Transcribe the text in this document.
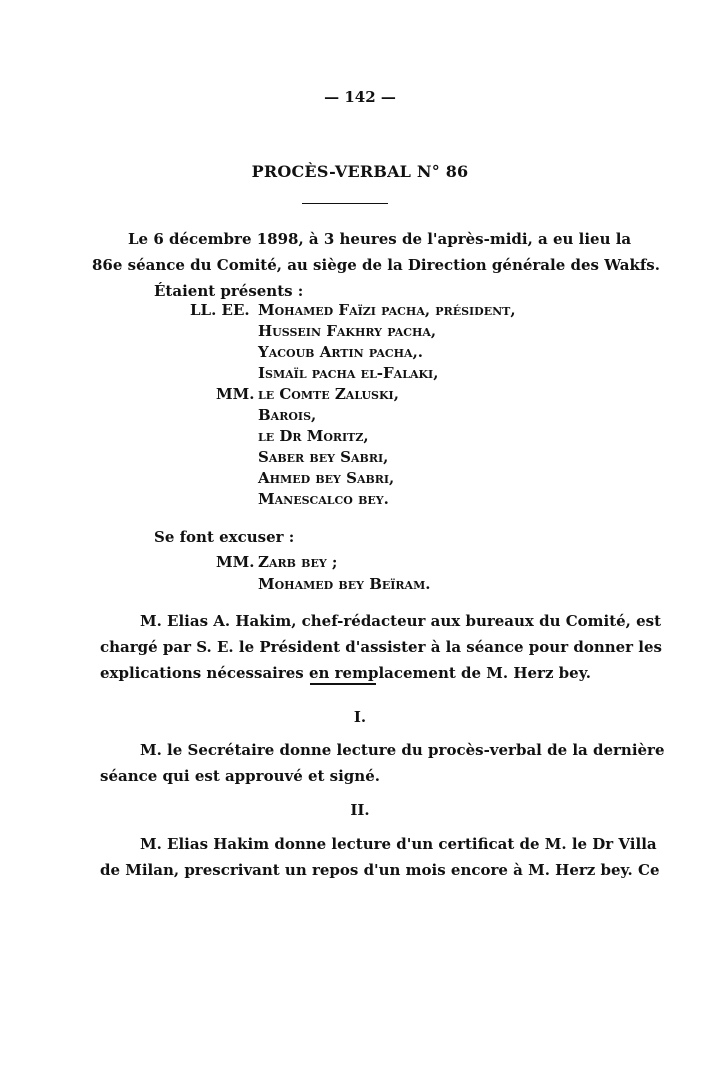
— 142 —
PROCÈS-VERBAL N° 86
Le 6 décembre 1898, à 3 heures de l'après-midi, a eu lieu la
86e séance du Comité, au siège de la Direction générale des Wakfs.
Étaient présents :
LL. EE. Mohamed Faïzi pacha, président,
Hussein Fakhry pacha,
Yacoub Artin pacha,.
Ismaïl pacha el-Falaki,
MM. le Comte Zaluski,
Barois,
le Dr Moritz,
Saber bey Sabri,
Ahmed bey Sabri,
Manescalco bey.
Se font excuser :
MM. Zarb bey ;
Mohamed bey Beïram.
M. Elias A. Hakim, chef-rédacteur aux bureaux du Comité, est
chargé par S. E. le Président d'assister à la séance pour donner les
explications nécessaires en remplacement de M. Herz bey.
I.
M. le Secrétaire donne lecture du procès-verbal de la dernière
séance qui est approuvé et signé.
II.
M. Elias Hakim donne lecture d'un certificat de M. le Dr Villa
de Milan, prescrivant un repos d'un mois encore à M. Herz bey. Ce
